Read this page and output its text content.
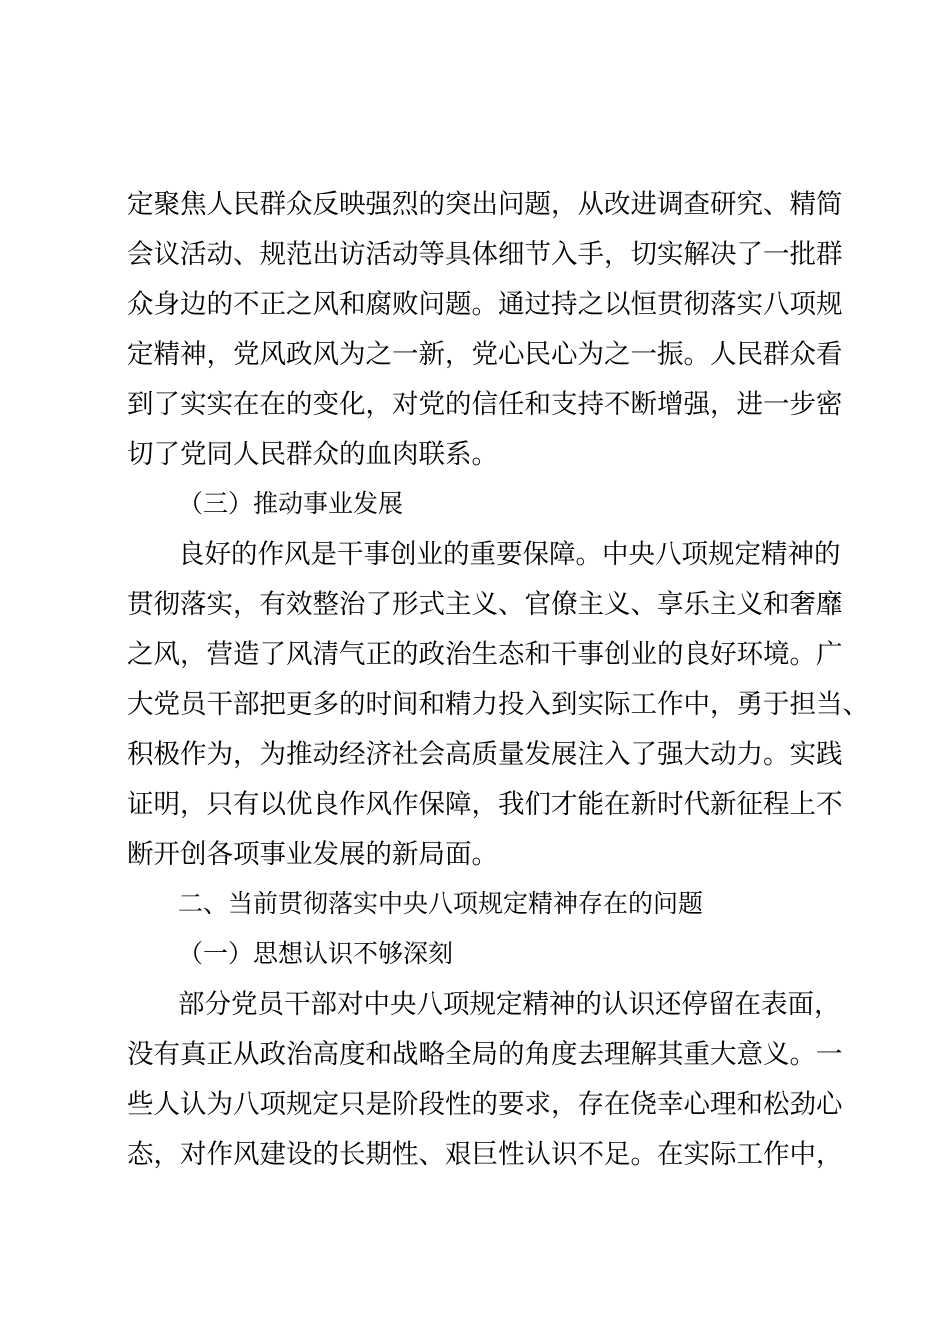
定聚焦人民群众反映强烈的突出问题，从改进调查研究、精简
会议活动、规范出访活动等具体细节入手，切实解决了一批群
众身边的不正之风和腐败问题。通过持之以恒贯彻落实八项规
定精神，党风政风为之一新，党心民心为之一振。人民群众看
到了实实在在的变化，对党的信任和支持不断增强，进一步密
切了党同人民群众的血肉联系。
（三）推动事业发展
良好的作风是干事创业的重要保障。中央八项规定精神的
贯彻落实，有效整治了形式主义、官僚主义、享乐主义和奢靡
之风，营造了风清气正的政治生态和干事创业的良好环境。广
大党员干部把更多的时间和精力投入到实际工作中，勇于担当、
积极作为，为推动经济社会高质量发展注入了强大动力。实践
证明，只有以优良作风作保障，我们才能在新时代新征程上不
断开创各项事业发展的新局面。
二、当前贯彻落实中央八项规定精神存在的问题
（一）思想认识不够深刻
部分党员干部对中央八项规定精神的认识还停留在表面，
没有真正从政治高度和战略全局的角度去理解其重大意义。一
些人认为八项规定只是阶段性的要求，存在侥幸心理和松劲心
态，对作风建设的长期性、艰巨性认识不足。在实际工作中，
